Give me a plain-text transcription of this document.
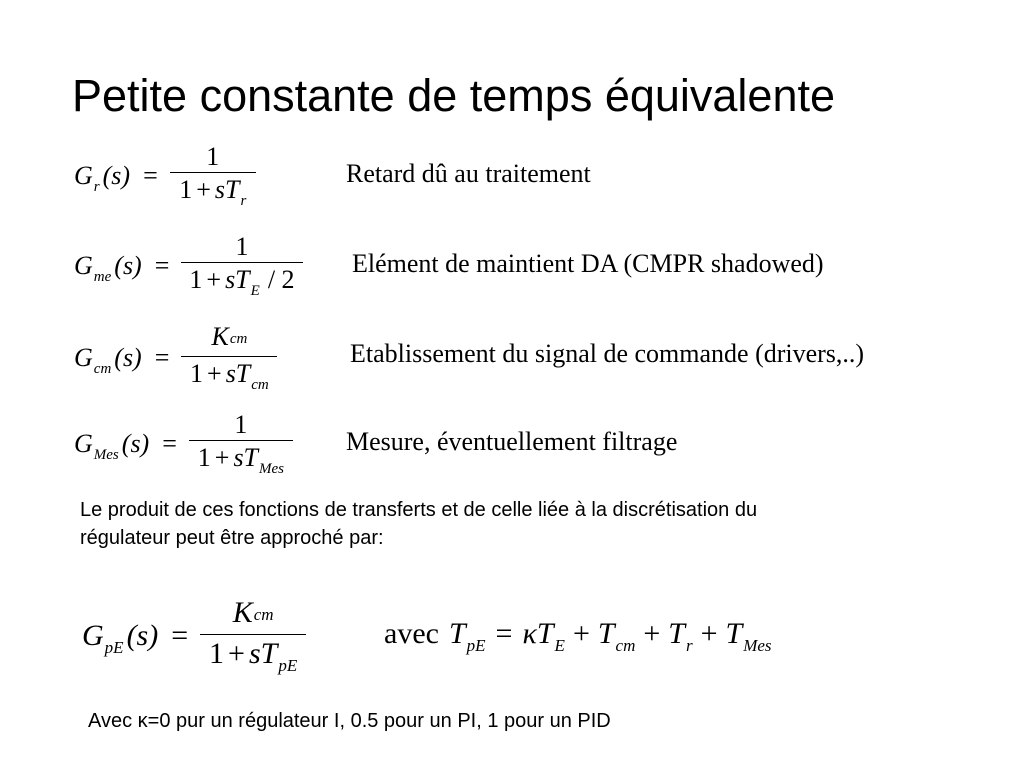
Petite constante de temps équivalente
G r $(s) = \frac{1}{\text{1 + sT r}}$	Retard dû au traitement
G me $(s) = \frac{1}{\text{1 + sT E / 2}}$ Elément de maintient DA (CMPR shadowed)
G cm $(s) = \frac{\text{K cm}}{\text{1 + sT cm}}$	Etablissement du signal de commande (drivers,..)
G Mes $(s) = \frac{1}{\text{1 + sT Mes}}$ Mesure, éventuellement filtrage
Le produit de ces fonctions de transferts et de celle liée à la discrétisation du régulateur peut être approché par:
G pE $(s) = \frac{\text{K cm}}{\text{1 + sT pE}}$	avec T pE = κ T E + T cm + T r + T Mes
Avec κ=0 pur un régulateur I, 0.5 pour un PI, 1 pour un PID
